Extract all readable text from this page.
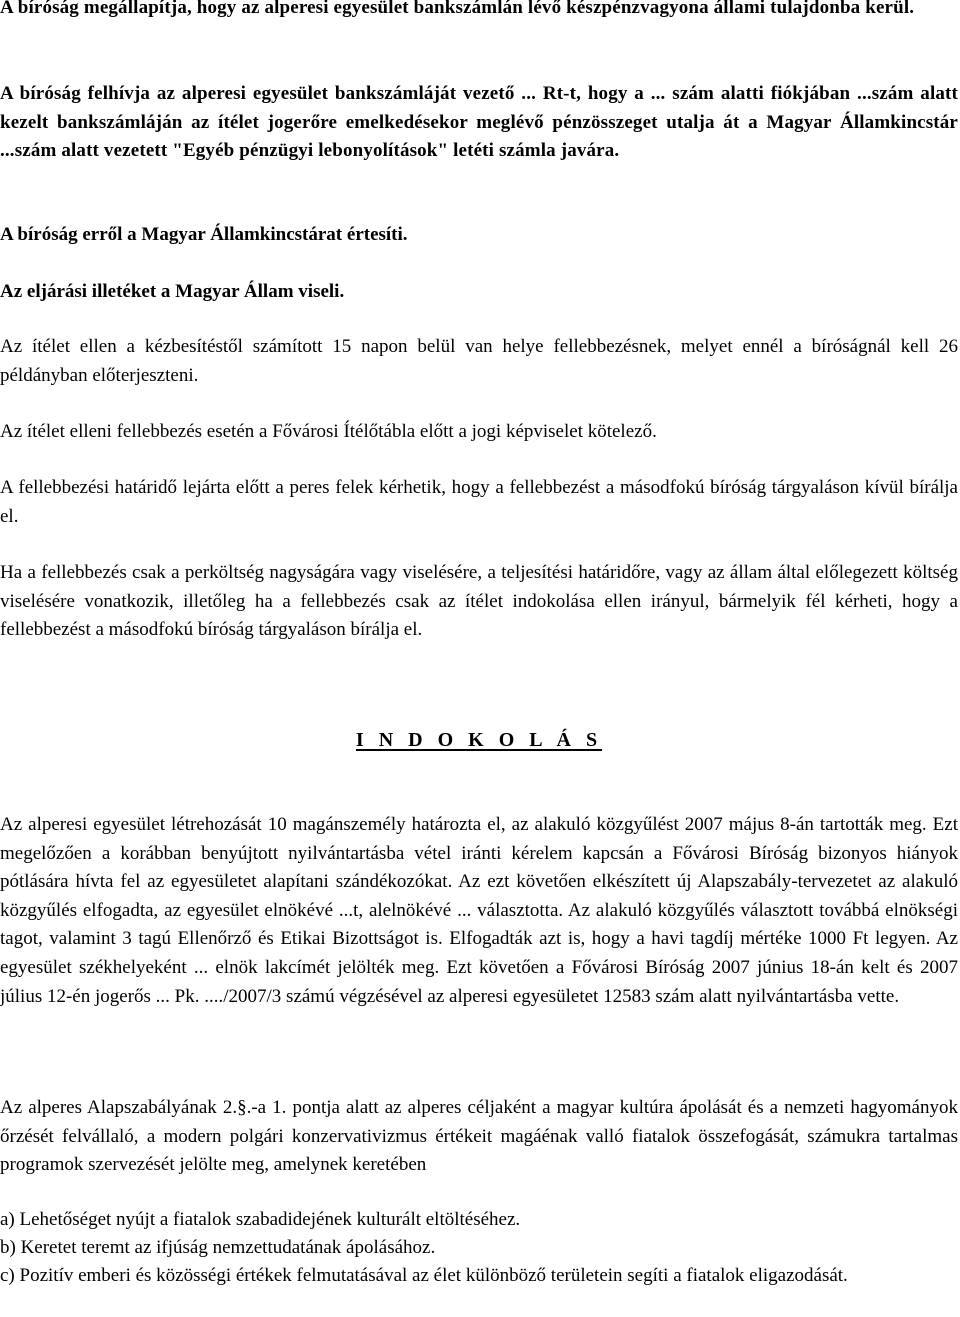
A bíróság megállapítja, hogy az alperesi egyesület bankszámlán lévő készpénzvagyona állami tulajdonba kerül.

A bíróság felhívja az alperesi egyesület bankszámláját vezető ... Rt-t, hogy a ... szám alatti fiókjában ...szám alatt kezelt bankszámláján az ítélet jogerőre emelkedésekor meglévő pénzösszeget utalja át a Magyar Államkincstár ...szám alatt vezetett "Egyéb pénzügyi lebonyolítások" letéti számla javára.

A bíróság erről a Magyar Államkincstárat értesíti.

Az eljárási illetéket a Magyar Állam viseli.

Az ítélet ellen a kézbesítéstől számított 15 napon belül van helye fellebbezésnek, melyet ennél a bíróságnál kell 26 példányban előterjeszteni.

Az ítélet elleni fellebbezés esetén a Fővárosi Ítélőtábla előtt a jogi képviselet kötelező.

A fellebbezési határidő lejárta előtt a peres felek kérhetik, hogy a fellebbezést a másodfokú bíróság tárgyaláson kívül bírálja el.

Ha a fellebbezés csak a perköltség nagyságára vagy viselésére, a teljesítési határidőre, vagy az állam által előlegezett költség viselésére vonatkozik, illetőleg ha a fellebbezés csak az ítélet indokolása ellen irányul, bármelyik fél kérheti, hogy a fellebbezést a másodfokú bíróság tárgyaláson bírálja el.

I N D O K O L Á S

Az alperesi egyesület létrehozását 10 magánszemély határozta el, az alakuló közgyűlést 2007 május 8-án tartották meg. Ezt megelőzően a korábban benyújtott nyilvántartásba vétel iránti kérelem kapcsán a Fővárosi Bíróság bizonyos hiányok pótlására hívta fel az egyesületet alapítani szándékozókat. Az ezt követően elkészített új Alapszabály-tervezetet az alakuló közgyűlés elfogadta, az egyesület elnökévé ...t, alelnökévé ... választotta. Az alakuló közgyűlés választott továbbá elnökségi tagot, valamint 3 tagú Ellenőrző és Etikai Bizottságot is. Elfogadták azt is, hogy a havi tagdíj mértéke 1000 Ft legyen. Az egyesület székhelyeként ... elnök lakcímét jelölték meg. Ezt követően a Fővárosi Bíróság 2007 június 18-án kelt és 2007 július 12-én jogerős ... Pk. ..../2007/3 számú végzésével az alperesi egyesületet 12583 szám alatt nyilvántartásba vette.

Az alperes Alapszabályának 2.§.-a 1. pontja alatt az alperes céljaként a magyar kultúra ápolását és a nemzeti hagyományok őrzését felvállaló, a modern polgári konzervativizmus értékeit magáénak valló fiatalok összefogását, számukra tartalmas programok szervezését jelölte meg, amelynek keretében

a) Lehetőséget nyújt a fiatalok szabadidejének kulturált eltöltéséhez.

b) Keretet teremt az ifjúság nemzettudatának ápolásához.

c) Pozitív emberi és közösségi értékek felmutatásával az élet különböző területein segíti a fiatalok eligazodását.
